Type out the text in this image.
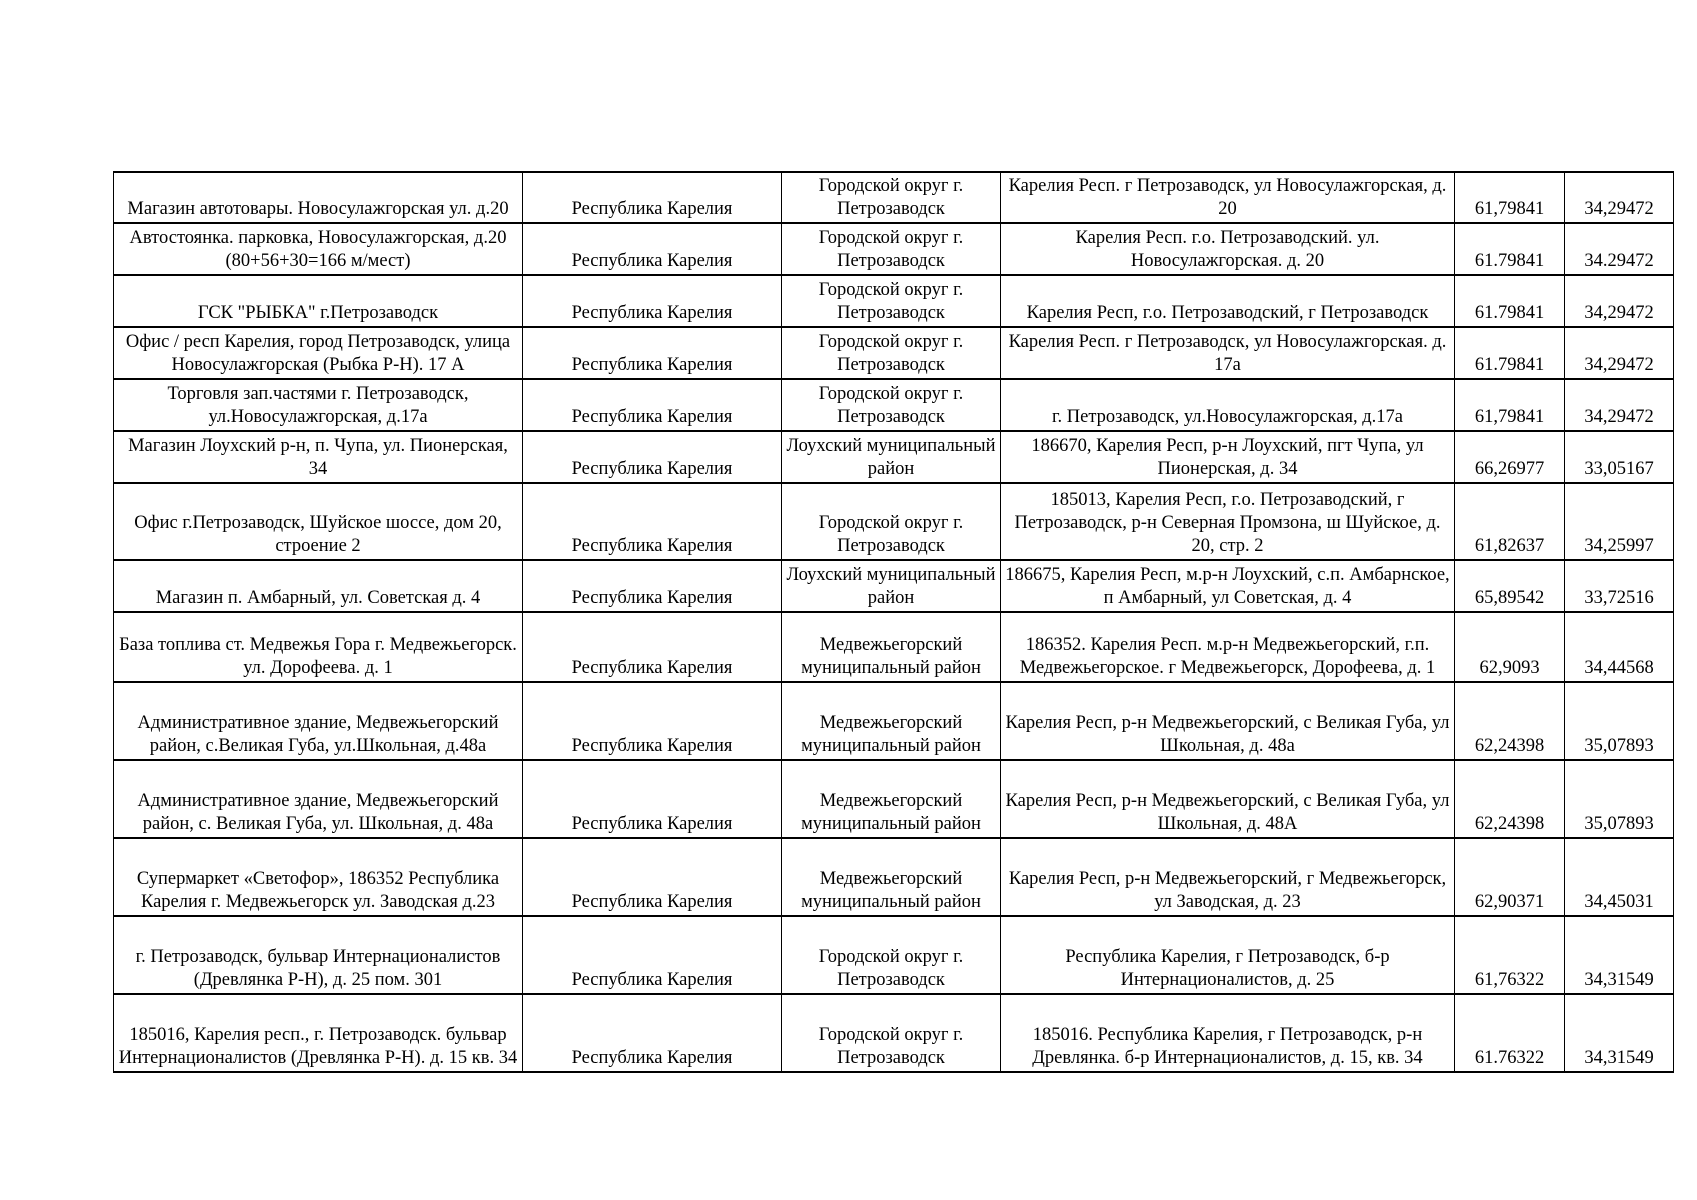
Магазин автотовары. Новосулажгорская ул. д.20	Республика Карелия	Городской округ г. Петрозаводск	Карелия Респ. г Петрозаводск, ул Новосулажгорская, д. 20	61,79841	34,29472
Автостоянка. парковка, Новосулажгорская, д.20 (80+56+30=166 м/мест)	Республика Карелия	Городской округ г. Петрозаводск	Карелия Респ. г.о. Петрозаводский. ул. Новосулажгорская. д. 20	61.79841	34.29472
ГСК "РЫБКА" г.Петрозаводск	Республика Карелия	Городской округ г. Петрозаводск	Карелия Респ, г.о. Петрозаводский, г Петрозаводск	61.79841	34,29472
Офис / респ Карелия, город Петрозаводск, улица Новосулажгорская (Рыбка Р-Н). 17 А	Республика Карелия	Городской округ г. Петрозаводск	Карелия Респ. г Петрозаводск, ул Новосулажгорская. д. 17а	61.79841	34,29472
Торговля зап.частями г. Петрозаводск, ул.Новосулажгорская, д.17а	Республика Карелия	Городской округ г. Петрозаводск	г. Петрозаводск, ул.Новосулажгорская, д.17а	61,79841	34,29472
Магазин Лоухский р-н, п. Чупа, ул. Пионерская, 34	Республика Карелия	Лоухский муниципальный район	186670, Карелия Респ, р-н Лоухский, пгт Чупа, ул Пионерская, д. 34	66,26977	33,05167
Офис г.Петрозаводск, Шуйское шоссе, дом 20, строение 2	Республика Карелия	Городской округ г. Петрозаводск	185013, Карелия Респ, г.о. Петрозаводский, г Петрозаводск, р-н Северная Промзона, ш Шуйское, д. 20, стр. 2	61,82637	34,25997
Магазин п. Амбарный, ул. Советская д. 4	Республика Карелия	Лоухский муниципальный район	186675, Карелия Респ, м.р-н Лоухский, с.п. Амбарнское, п Амбарный, ул Советская, д. 4	65,89542	33,72516
База топлива ст. Медвежья Гора г. Медвежьегорск. ул. Дорофеева. д. 1	Республика Карелия	Медвежьегорский муниципальный район	186352. Карелия Респ. м.р-н Медвежьегорский, г.п. Медвежьегорское. г Медвежьегорск, Дорофеева, д. 1	62,9093	34,44568
Административное здание, Медвежьегорский район, с.Великая Губа, ул.Школьная, д.48а	Республика Карелия	Медвежьегорский муниципальный район	Карелия Респ, р-н Медвежьегорский, с Великая Губа, ул Школьная, д. 48а	62,24398	35,07893
Административное здание, Медвежьегорский район, с. Великая Губа, ул. Школьная, д. 48а	Республика Карелия	Медвежьегорский муниципальный район	Карелия Респ, р-н Медвежьегорский, с Великая Губа, ул Школьная, д. 48А	62,24398	35,07893
Супермаркет «Светофор», 186352 Республика Карелия г. Медвежьегорск ул. Заводская д.23	Республика Карелия	Медвежьегорский муниципальный район	Карелия Респ, р-н Медвежьегорский, г Медвежьегорск, ул Заводская, д. 23	62,90371	34,45031
г. Петрозаводск, бульвар Интернационалистов (Древлянка Р-Н), д. 25 пом. 301	Республика Карелия	Городской округ г. Петрозаводск	Республика Карелия, г Петрозаводск, б-р Интернационалистов, д. 25	61,76322	34,31549
185016, Карелия респ., г. Петрозаводск. бульвар Интернационалистов (Древлянка Р-Н). д. 15 кв. 34	Республика Карелия	Городской округ г. Петрозаводск	185016. Республика Карелия, г Петрозаводск, р-н Древлянка. б-р Интернационалистов, д. 15, кв. 34	61.76322	34,31549
